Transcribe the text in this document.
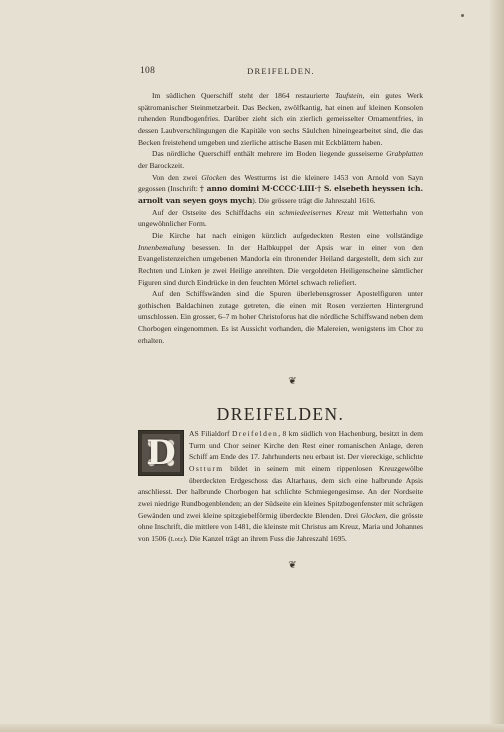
108	DREIFELDEN.

Im südlichen Querschiff steht der 1864 restaurierte Taufstein, ein gutes Werk spätromanischer Steinmetzarbeit. Das Becken, zwölfkantig, hat einen auf kleinen Konsolen ruhenden Rundbogenfries. Darüber zieht sich ein zierlich gemeisselter Ornamentfries, in dessen Laubverschlingungen die Kapitäle von sechs Säulchen hineingearbeitet sind, die das Becken freistehend umgeben und zierliche attische Basen mit Eckblättern haben.

Das nördliche Querschiff enthält mehrere im Boden liegende gusseiserne Grabplatten der Barockzeit.

Von den zwei Glocken des Westturms ist die kleinere 1453 von Arnold von Sayn gegossen (Inschrift: † anno domini M·CCCC·LIII·† S. elsebeth heyssen ich. arnolt van seyen goys mych). Die grössere trägt die Jahreszahl 1616.

Auf der Ostseite des Schiffdachs ein schmiedeeisernes Kreuz mit Wetterhahn von ungewöhnlicher Form.

Die Kirche hat nach einigen kürzlich aufgedeckten Resten eine vollständige Innenbemalung besessen. In der Halbkuppel der Apsis war in einer von den Evangelistenzeichen umgebenen Mandorla ein thronender Heiland dargestellt, dem sich zur Rechten und Linken je zwei Heilige anreihten. Die vergoldeten Heiligenscheine sämtlicher Figuren sind durch Eindrücke in den feuchten Mörtel schwach reliefiert.

Auf den Schiffswänden sind die Spuren überlebensgrosser Apostelfiguren unter gothischen Baldachinen zutage getreten, die einen mit Rosen verzierten Hintergrund umschlossen. Ein grosser, 6–7 m hoher Christoforus hat die nördliche Schiffswand neben dem Chorbogen eingenommen. Es ist Aussicht vorhanden, die Malereien, wenigstens im Chor zu erhalten.

❦
DREIFELDEN.
D	AS Filialdorf Dreifelden, 8 km südlich von Hachenburg, besitzt in dem Turm und Chor seiner Kirche den Rest einer romanischen Anlage, deren Schiff am Ende des 17. Jahrhunderts neu erbaut ist. Der viereckige, schlichte Ostturm bildet in seinem mit einem rippenlosen Kreuzgewölbe überdeckten Erdgeschoss das Altarhaus, dem sich eine halbrunde Apsis anschliesst. Der halbrunde Chorbogen hat schlichte Schmiegengesimse. An der Nordseite zwei niedrige Rundbogenblenden; an der Südseite ein kleines Spitzbogenfenster mit schrägen Gewänden und zwei kleine spitzgiebelförmig überdeckte Blenden. Drei Glocken, die grösste ohne Inschrift, die mittlere von 1481, die kleinste mit Christus am Kreuz, Maria und Johannes von 1506 (Lotz). Die Kanzel trägt an ihrem Fuss die Jahreszahl 1695.
❦
